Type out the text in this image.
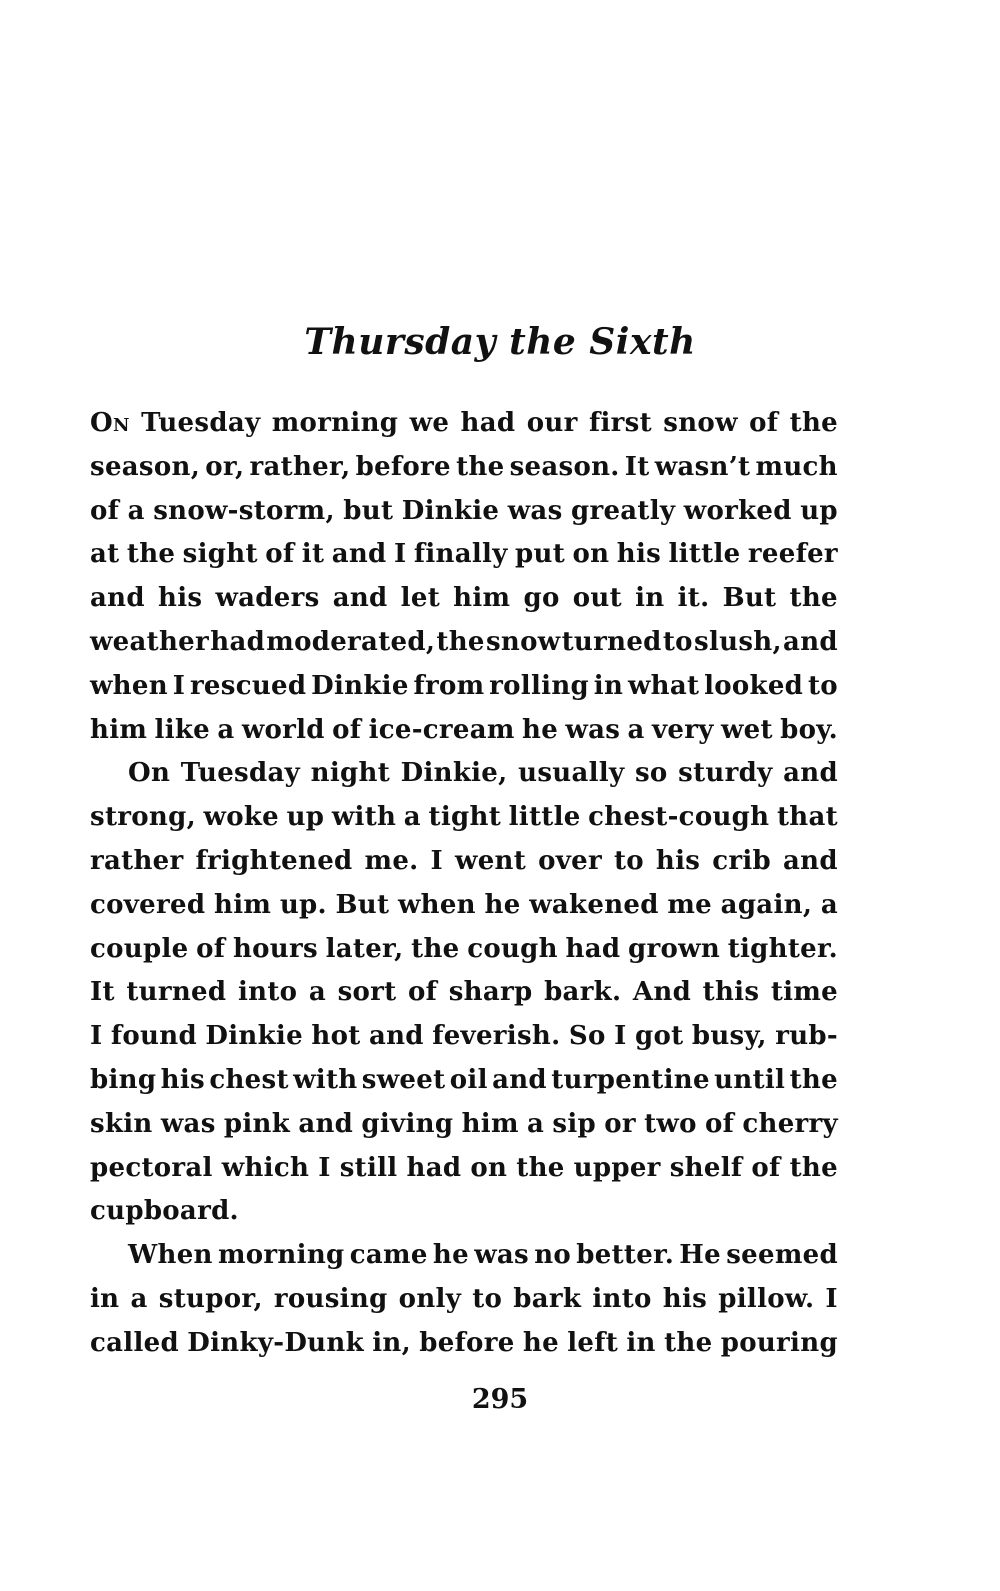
Thursday the Sixth
On Tuesday morning we had our first snow of the
season, or, rather, before the season. It wasn’t much
of a snow-storm, but Dinkie was greatly worked up
at the sight of it and I finally put on his little reefer
and his waders and let him go out in it. But the
weather had moderated, the snow turned to slush, and
when I rescued Dinkie from rolling in what looked to
him like a world of ice-cream he was a very wet boy.
On Tuesday night Dinkie, usually so sturdy and
strong, woke up with a tight little chest-cough that
rather frightened me. I went over to his crib and
covered him up. But when he wakened me again, a
couple of hours later, the cough had grown tighter.
It turned into a sort of sharp bark. And this time
I found Dinkie hot and feverish. So I got busy, rub-
bing his chest with sweet oil and turpentine until the
skin was pink and giving him a sip or two of cherry
pectoral which I still had on the upper shelf of the
cupboard.
When morning came he was no better. He seemed
in a stupor, rousing only to bark into his pillow. I
called Dinky-Dunk in, before he left in the pouring
295
